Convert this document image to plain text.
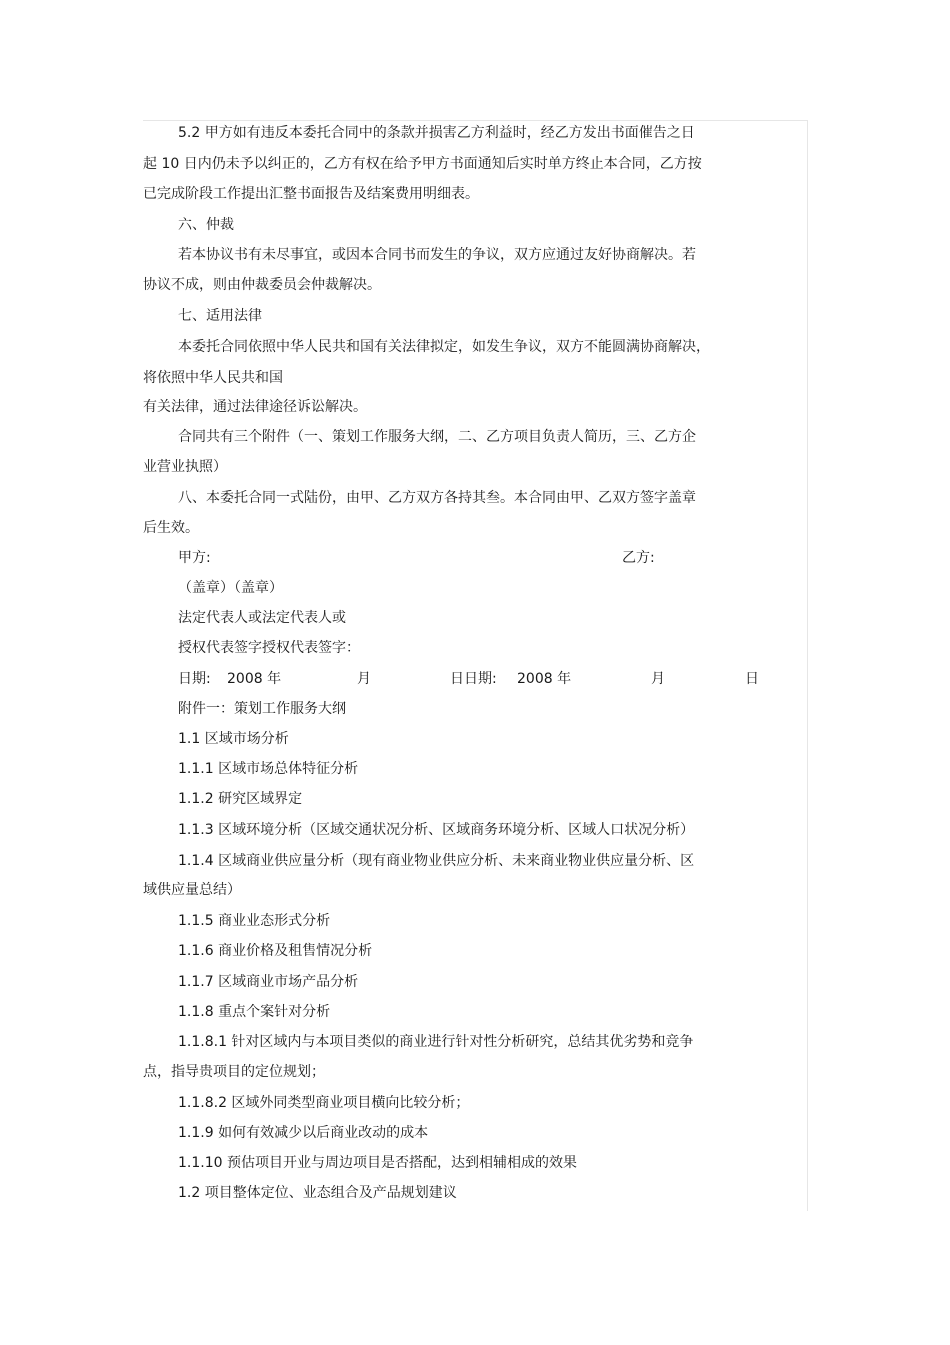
甲方:	乙方:
日期: 2008 年	月	日日期: 2008 年	月	日
5.2 甲方如有违反本委托合同中的条款并损害乙方利益时，经乙方发出书面催告之日
起 10 日内仍未予以纠正的，乙方有权在给予甲方书面通知后实时单方终止本合同，乙方按
已完成阶段工作提出汇整书面报告及结案费用明细表。
六、仲裁
若本协议书有未尽事宜，或因本合同书而发生的争议，双方应通过友好协商解决。若
协议不成，则由仲裁委员会仲裁解决。
七、适用法律
本委托合同依照中华人民共和国有关法律拟定，如发生争议，双方不能圆满协商解决，
将依照中华人民共和国
有关法律，通过法律途径诉讼解决。
合同共有三个附件（一、策划工作服务大纲，二、乙方项目负责人简历，三、乙方企
业营业执照）
八、本委托合同一式陆份，由甲、乙方双方各持其叁。本合同由甲、乙双方签字盖章
后生效。
（盖章）（盖章）
法定代表人或法定代表人或
授权代表签字授权代表签字：
附件一：策划工作服务大纲
1.1 区域市场分析
1.1.1 区域市场总体特征分析
1.1.2 研究区域界定
1.1.3 区域环境分析（区域交通状况分析、区域商务环境分析、区域人口状况分析）
1.1.4 区域商业供应量分析（现有商业物业供应分析、未来商业物业供应量分析、区
域供应量总结）
1.1.5 商业业态形式分析
1.1.6 商业价格及租售情况分析
1.1.7 区域商业市场产品分析
1.1.8 重点个案针对分析
1.1.8.1 针对区域内与本项目类似的商业进行针对性分析研究，总结其优劣势和竞争
点，指导贵项目的定位规划；
1.1.8.2 区域外同类型商业项目横向比较分析；
1.1.9 如何有效减少以后商业改动的成本
1.1.10 预估项目开业与周边项目是否搭配，达到相辅相成的效果
1.2 项目整体定位、业态组合及产品规划建议
